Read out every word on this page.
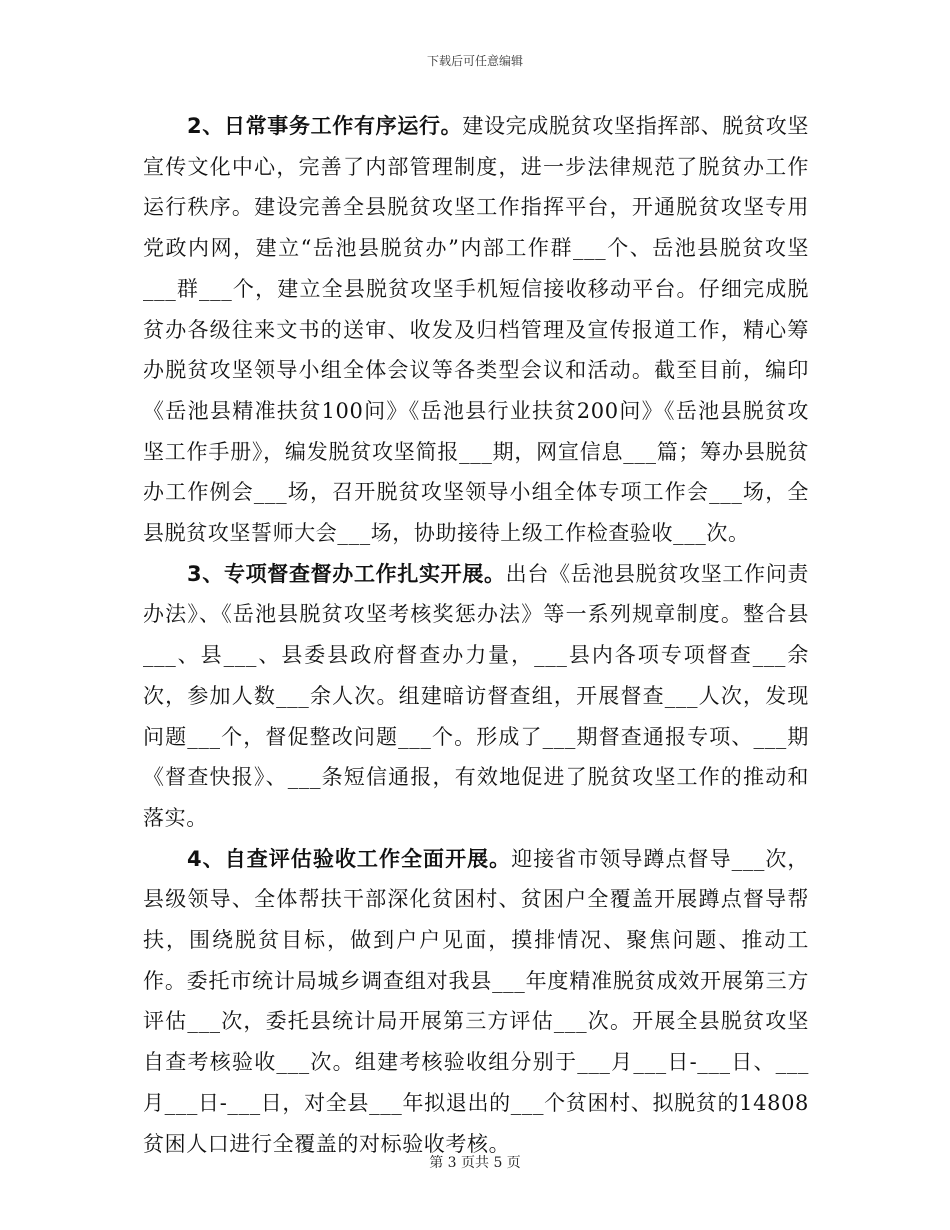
下载后可任意编辑

2、日常事务工作有序运行。建设完成脱贫攻坚指挥部、脱贫攻坚宣传文化中心，完善了内部管理制度，进一步法律规范了脱贫办工作运行秩序。建设完善全县脱贫攻坚工作指挥平台，开通脱贫攻坚专用党政内网，建立“岳池县脱贫办”内部工作群___个、岳池县脱贫攻坚___群___个，建立全县脱贫攻坚手机短信接收移动平台。仔细完成脱贫办各级往来文书的送审、收发及归档管理及宣传报道工作，精心筹办脱贫攻坚领导小组全体会议等各类型会议和活动。截至目前，编印《岳池县精准扶贫100问》《岳池县行业扶贫200问》《岳池县脱贫攻坚工作手册》，编发脱贫攻坚简报___期，网宣信息___篇；筹办县脱贫办工作例会___场，召开脱贫攻坚领导小组全体专项工作会___场，全县脱贫攻坚誓师大会___场，协助接待上级工作检查验收___次。

3、专项督查督办工作扎实开展。出台《岳池县脱贫攻坚工作问责办法》、《岳池县脱贫攻坚考核奖惩办法》等一系列规章制度。整合县___、县___、县委县政府督查办力量，___县内各项专项督查___余次，参加人数___余人次。组建暗访督查组，开展督查___人次，发现问题___个，督促整改问题___个。形成了___期督查通报专项、___期《督查快报》、___条短信通报，有效地促进了脱贫攻坚工作的推动和落实。

4、自查评估验收工作全面开展。迎接省市领导蹲点督导___次，县级领导、全体帮扶干部深化贫困村、贫困户全覆盖开展蹲点督导帮扶，围绕脱贫目标，做到户户见面，摸排情况、聚焦问题、推动工作。委托市统计局城乡调查组对我县___年度精准脱贫成效开展第三方评估___次，委托县统计局开展第三方评估___次。开展全县脱贫攻坚自查考核验收___次。组建考核验收组分别于___月___日-___日、___月___日-___日，对全县___年拟退出的___个贫困村、拟脱贫的14808贫困人口进行全覆盖的对标验收考核。

第 3 页共 5 页
